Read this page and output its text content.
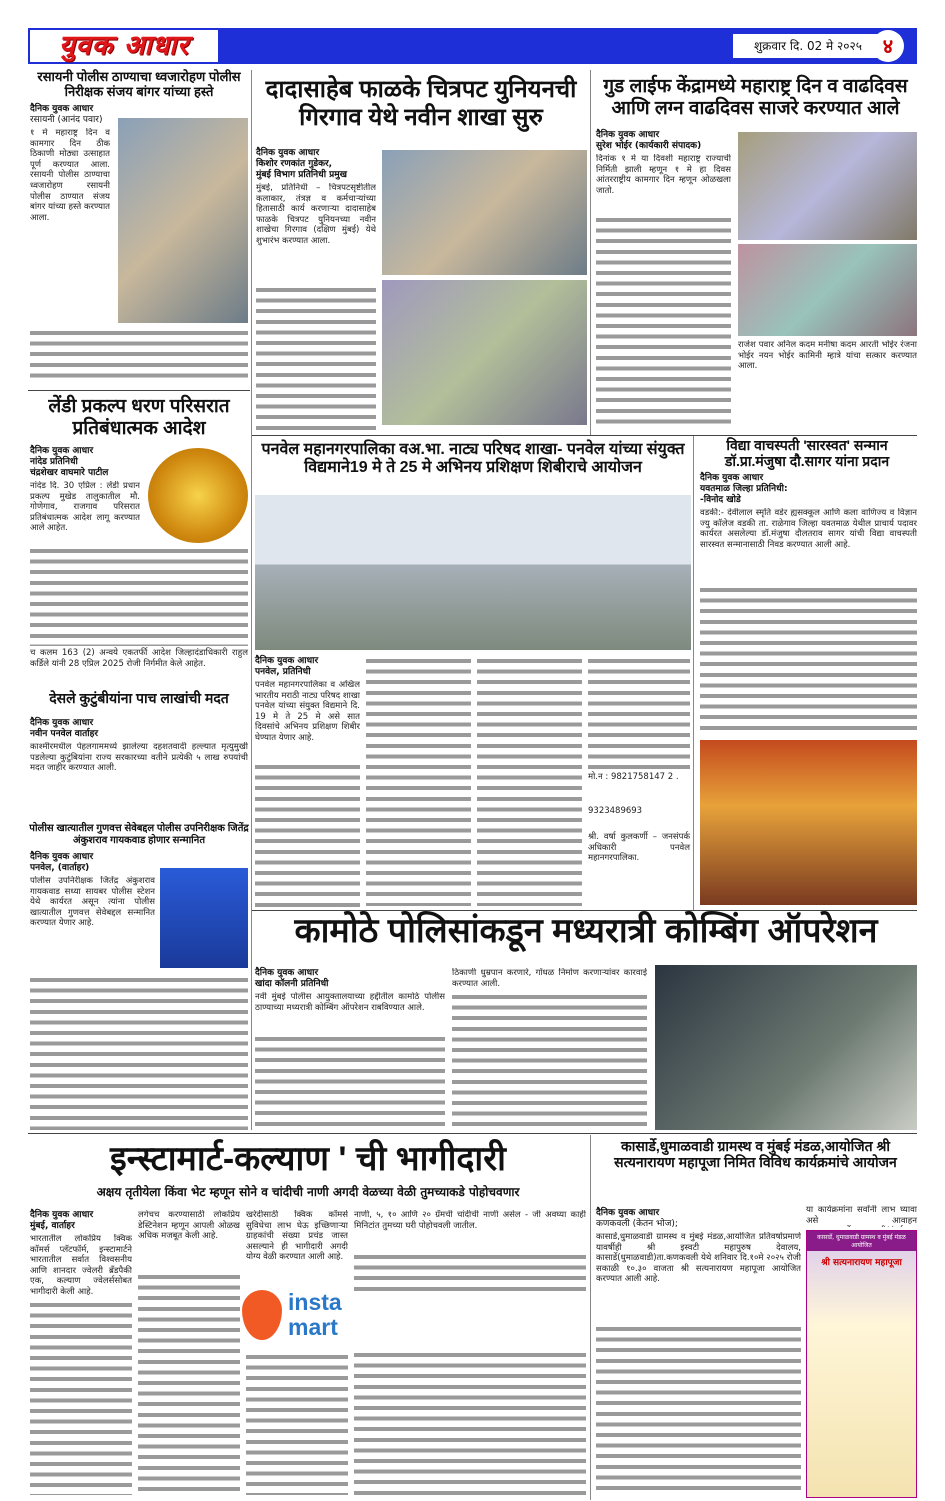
युवक आधार	शुक्रवार दि. 02 मे २०२५	४
रसायनी पोलीस ठाण्याचा ध्वजारोहण पोलीस निरीक्षक संजय बांगर यांच्या हस्ते
दैनिक युवक आधार
रसायनी (आनंद पवार)
१ मे महाराष्ट्र दिन व कामगार दिन ठीक ठिकाणी मोठ्या उत्साहात पूर्ण करण्यात आला. रसायनी पोलीस ठाण्याचा ध्वजारोहण रसायनी पोलीस ठाण्यात संजय बांगर यांच्या हस्ते करण्यात आला.
लेंडी प्रकल्प धरण परिसरात प्रतिबंधात्मक आदेश
दैनिक युवक आधार
नांदेड प्रतिनिधी
चंद्रशेखर वाघमारे पाटील
नांदेड दि. 30 एप्रिल : लेंडी प्रधान प्रकल्प मुखेड तालुकातील मौ. गोणेगाव, राजगाव परिसरात प्रतिबंधात्मक आदेश लागू करण्यात आले आहेत.
च कलम 163 (2) अन्वये एकतर्फी आदेश जिल्हादंडाधिकारी राहुल कर्डिले यांनी 28 एप्रिल 2025 रोजी निर्गमीत केले आहेत.
देसले कुटुंबीयांना पाच लाखांची मदत
दैनिक युवक आधार
नवीन पनवेल वार्ताहर
काश्मीरमधील पेहलगाममध्ये झालेल्या दहशतवादी हल्ल्यात मृत्युमुखी पडलेल्या कुटुंबियांना राज्य सरकारच्या वतीने प्रत्येकी ५ लाख रुपयांची मदत जाहीर करण्यात आली.
पोलीस खात्यातील गुणवत्त सेवेबद्दल पोलीस उपनिरीक्षक जितेंद्र अंकुशराव गायकवाड होणार सन्मानित
दैनिक युवक आधार
पनवेल, (वार्ताहर)
पोलीस उपनिरीक्षक जितेंद्र अंकुशराव गायकवाड सध्या सायबर पोलीस स्टेशन येथे कार्यरत असून त्यांना पोलीस खात्यातील गुणवत्त सेवेबद्दल सन्मानित करण्यात येणार आहे.
दादासाहेब फाळके चित्रपट युनियनची गिरगाव येथे नवीन शाखा सुरु
दैनिक युवक आधार
किशोर रणकांत गुडेकर,
मुंबई विभाग प्रतिनिधी प्रमुख
मुंबई, प्रतिनिधी – चित्रपटसृष्टीतील कलाकार, तंत्रज्ञ व कर्मचाऱ्यांच्या हितासाठी कार्य करणाऱ्या दादासाहेब फाळके चित्रपट युनियनच्या नवीन शाखेचा गिरगाव (दक्षिण मुंबई) येथे शुभारंभ करण्यात आला.
गुड लाईफ केंद्रामध्ये महाराष्ट्र दिन व वाढदिवस आणि लग्न वाढदिवस साजरे करण्यात आले
दैनिक युवक आधार
सुरेश भोईर (कार्यकारी संपादक)
दिनांक १ मे या दिवशी महाराष्ट्र राज्याची निर्मिती झाली म्हणून १ मे हा दिवस आंतरराष्ट्रीय कामगार दिन म्हणून ओळखला जातो.
राजेश पवार अनिल कदम मनीषा कदम आरती भोईर रंजना भोईर नयन भोईर कामिनी म्हात्रे यांचा सत्कार करण्यात आला.
पनवेल महानगरपालिका वअ.भा. नाट्य परिषद शाखा- पनवेल यांच्या संयुक्त विद्यमाने19 मे ते 25 मे अभिनय प्रशिक्षण शिबीराचे आयोजन
दैनिक युवक आधार
पनवेल, प्रतिनिधी
पनवेल महानगरपालिका व अखिल भारतीय मराठी नाट्य परिषद शाखा पनवेल यांच्या संयुक्त विद्यमाने दि. 19 मे ते 25 मे असे सात दिवसांचे अभिनय प्रशिक्षण शिबीर घेण्यात येणार आहे.
मो.न : 9821758147 2 .
9323489693
श्री. वर्षा कुलकर्णी – जनसंपर्क अधिकारी पनवेल महानगरपालिका.
विद्या वाचस्पती 'सारस्वत' सन्मान डॉ.प्रा.मंजुषा दौ.सागर यांना प्रदान
दैनिक युवक आधार
यवतमाळ जिल्हा प्रतिनिधी:
-विनोद खोडे
वडकी:- देवीलाल स्मृति वडेर ह्यसक्कूल आणि कला वाणिज्य व विज्ञान ज्यु कॉलेज वडकी ता. राळेगाव जिल्हा यवतमाळ येथील प्राचार्य पदावर कार्यरत असलेल्या डॉ.मंजुषा दौलतराव सागर यांची विद्या वाचस्पती सारस्वत सन्मानासाठी निवड करण्यात आली आहे.
कामोठे पोलिसांकडून मध्यरात्री कोम्बिंग ऑपरेशन
दैनिक युवक आधार
खांदा कॉलनी प्रतिनिधी
नवी मुंबई पोलीस आयुक्तालयाच्या हद्दीतील कामोठे पोलीस ठाण्याच्या मध्यरात्री कोम्बिंग ऑपरेशन राबविण्यात आले.
ठिकाणी धुम्रपान करणारे, गोंधळ निर्माण करणाऱ्यांवर कारवाई करण्यात आली.
इन्स्टामार्ट-कल्याण ' ची भागीदारी
अक्षय तृतीयेला किंवा भेट म्हणून सोने व चांदीची नाणी अगदी वेळच्या वेळी तुमच्याकडे पोहोचवणार
दैनिक युवक आधार
मुंबई, वार्ताहर
भारतातील लोकप्रिय क्विक कॉमर्स प्लॅटफॉर्म, इन्स्टामार्टने भारतातील सर्वात विश्वसनीय आणि शानदार ज्वेलरी ब्रँडपैकी एक, कल्याण ज्वेलर्ससोबत भागीदारी केली आहे.
लगेचच करण्यासाठी लोकप्रिय डेस्टिनेशन म्हणून आपली ओळख अधिक मजबूत केली आहे.
खरेदीसाठी क्विक कॉमर्स सुविधेचा लाभ घेऊ इच्छिणाऱ्या ग्राहकांची संख्या प्रचंड जास्त असल्याने ही भागीदारी अगदी योग्य वेळी करण्यात आली आहे.
नाणी, ५, १० आणि २० ग्रॅमची चांदीची नाणी असेल - जी अवघ्या काही मिनिटांत तुमच्या घरी पोहोचवली जातील.
insta mart
कासार्डे,धुमाळवाडी ग्रामस्थ व मुंबई मंडळ,आयोजित श्री सत्यनारायण महापूजा निमित विविध कार्यक्रमांचे आयोजन
दैनिक युवक आधार
कणकवली (केतन भोज);
कासार्डे,धुमाळवाडी ग्रामस्थ व मुंबई मंडळ,आयोजित प्रतिवर्षाप्रमाणे यावर्षीही श्री इस्वटी महापुरुष देवालय, कासार्डे(धुमाळवाडी)ता.कणकवली येथे शनिवार दि.१०मे २०२५ रोजी सकाळी १०.३० वाजता श्री सत्यनारायण महापूजा आयोजित करण्यात आली आहे.
या कार्यक्रमांना सर्वांनी लाभ घ्यावा असे आवाहन
कासार्डे, धुमाळवाडी ग्रामस्थ व मुंबई मंडळ आयोजित
श्री सत्यनारायण महापूजा
